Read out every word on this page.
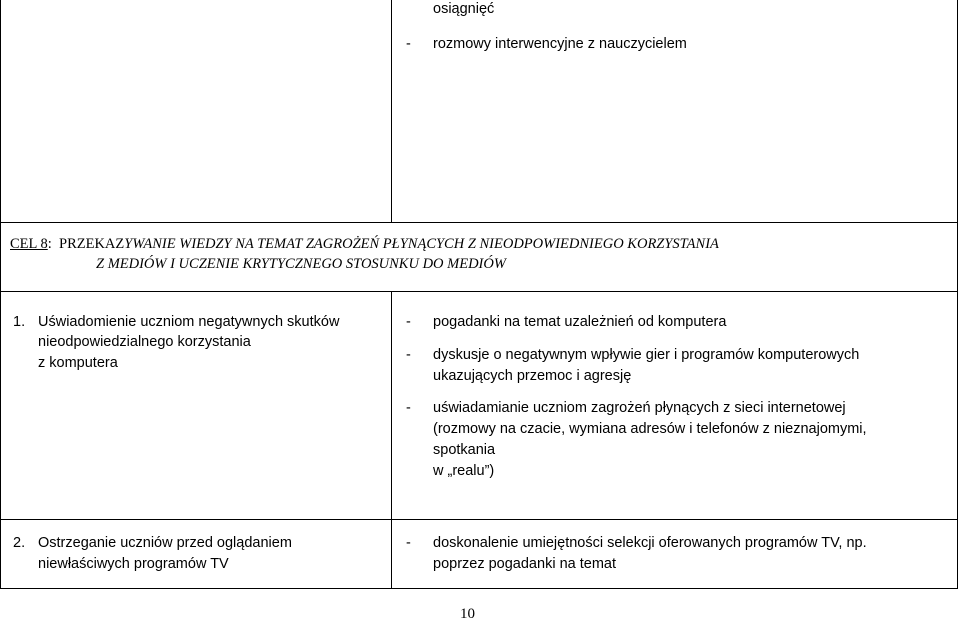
osiągnięć
- rozmowy interwencyjne z nauczycielem
CEL 8: PRZEKAZYWANIE WIEDZY NA TEMAT ZAGROŻEŃ PŁYNĄCYCH Z NIEODPOWIEDNIEGO KORZYSTANIA
Z MEDIÓW I UCZENIE KRYTYCZNEGO STOSUNKU DO MEDIÓW
1. Uświadomienie uczniom negatywnych skutków
nieodpowiedzialnego korzystania
z komputera
- pogadanki na temat uzależnień od komputera
- dyskusje o negatywnym wpływie gier i programów komputerowych
ukazujących przemoc i agresję
- uświadamianie uczniom zagrożeń płynących z sieci internetowej
(rozmowy na czacie, wymiana adresów i telefonów z nieznajomymi,
spotkania
w „realu”)
2. Ostrzeganie uczniów przed oglądaniem
niewłaściwych programów TV
- doskonalenie umiejętności selekcji oferowanych programów TV, np.
poprzez pogadanki na temat
10
